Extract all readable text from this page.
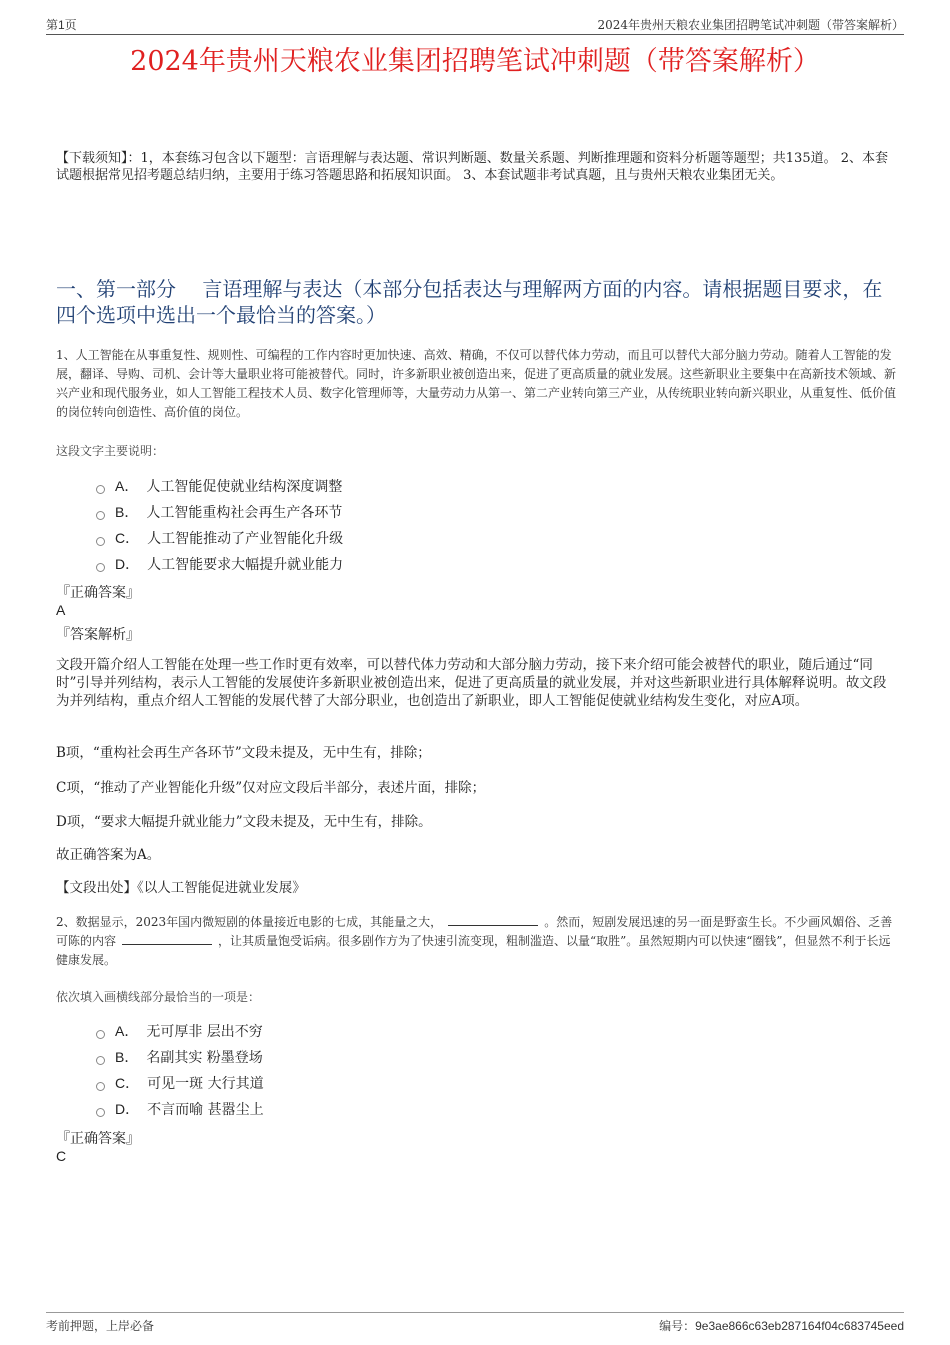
第1页	2024年贵州天粮农业集团招聘笔试冲刺题（带答案解析）
2024年贵州天粮农业集团招聘笔试冲刺题（带答案解析）
【下载须知】：1，本套练习包含以下题型：言语理解与表达题、常识判断题、数量关系题、判断推理题和资料分析题等题型；共135道。 2、本套试题根据常见招考题总结归纳，主要用于练习答题思路和拓展知识面。 3、本套试题非考试真题，且与贵州天粮农业集团无关。
一、第一部分　 言语理解与表达（本部分包括表达与理解两方面的内容。请根据题目要求，在四个选项中选出一个最恰当的答案。）
1、人工智能在从事重复性、规则性、可编程的工作内容时更加快速、高效、精确，不仅可以替代体力劳动，而且可以替代大部分脑力劳动。随着人工智能的发展，翻译、导购、司机、会计等大量职业将可能被替代。同时，许多新职业被创造出来，促进了更高质量的就业发展。这些新职业主要集中在高新技术领域、新兴产业和现代服务业，如人工智能工程技术人员、数字化管理师等，大量劳动力从第一、第二产业转向第三产业，从传统职业转向新兴职业，从重复性、低价值的岗位转向创造性、高价值的岗位。
这段文字主要说明：
A． 人工智能促使就业结构深度调整
B． 人工智能重构社会再生产各环节
C． 人工智能推动了产业智能化升级
D． 人工智能要求大幅提升就业能力
『正确答案』
A
『答案解析』
文段开篇介绍人工智能在处理一些工作时更有效率，可以替代体力劳动和大部分脑力劳动，接下来介绍可能会被替代的职业，随后通过“同时”引导并列结构，表示人工智能的发展使许多新职业被创造出来，促进了更高质量的就业发展，并对这些新职业进行具体解释说明。故文段为并列结构，重点介绍人工智能的发展代替了大部分职业，也创造出了新职业，即人工智能促使就业结构发生变化，对应A项。
B项，“重构社会再生产各环节”文段未提及，无中生有，排除；
C项，“推动了产业智能化升级”仅对应文段后半部分，表述片面，排除；
D项，“要求大幅提升就业能力”文段未提及，无中生有，排除。
故正确答案为A。
【文段出处】《以人工智能促进就业发展》
2、数据显示，2023年国内微短剧的体量接近电影的七成，其能量之大，	。然而，短剧发展迅速的另一面是野蛮生长。不少画风媚俗、乏善可陈的内容	，让其质量饱受诟病。很多剧作方为了快速引流变现，粗制滥造、以量“取胜”。虽然短期内可以快速“圈钱”，但显然不利于长远健康发展。
依次填入画横线部分最恰当的一项是：
A． 无可厚非 层出不穷
B． 名副其实 粉墨登场
C． 可见一斑 大行其道
D． 不言而喻 甚嚣尘上
『正确答案』
C
考前押题，上岸必备	编号：9e3ae866c63eb287164f04c683745eed
